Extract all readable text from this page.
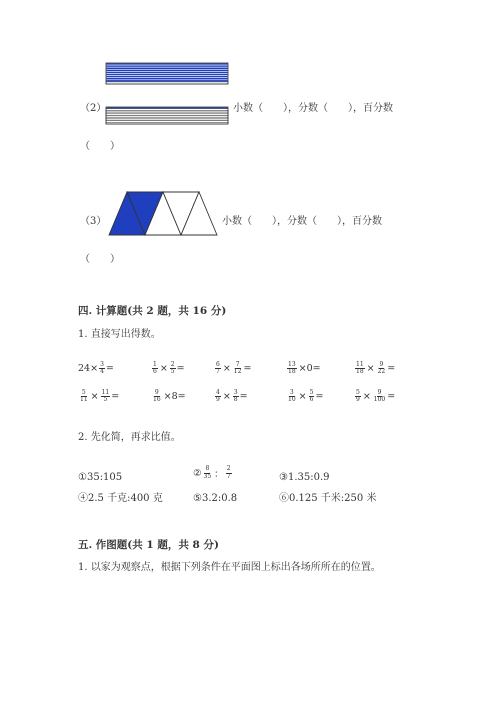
（2）	小数（　　），分数（　　），百分数
（　　）
（3）	小数（　　），分数（　　），百分数
（　　）
四. 计算题(共 2 题，共 16 分)
1. 直接写出得数。
$24\times \frac{3}{4}$ =	$\frac{1}{6} \times \frac{2}{5}$ =	$\frac{6}{7} \times \frac{7}{12}$ =	$\frac{13}{18} \times 0=$	$\frac{11}{18} \times \frac{9}{22}$ =
$\frac{5}{11} \times \frac{11}{5}$ =	$\frac{9}{16} \times 8=$	$\frac{4}{9} \times \frac{3}{8}$ =	$\frac{3}{10} \times \frac{5}{6}$ =	$\frac{5}{9} \times \frac{9}{100}$ =
2. 先化简，再求比值。
①35:105	② $\frac{8}{35}$ ： $\frac{2}{7}$	③1.35:0.9
④2.5 千克:400 克	⑤3.2:0.8	⑥0.125 千米:250 米
五. 作图题(共 1 题，共 8 分)
1. 以家为观察点，根据下列条件在平面图上标出各场所所在的位置。
